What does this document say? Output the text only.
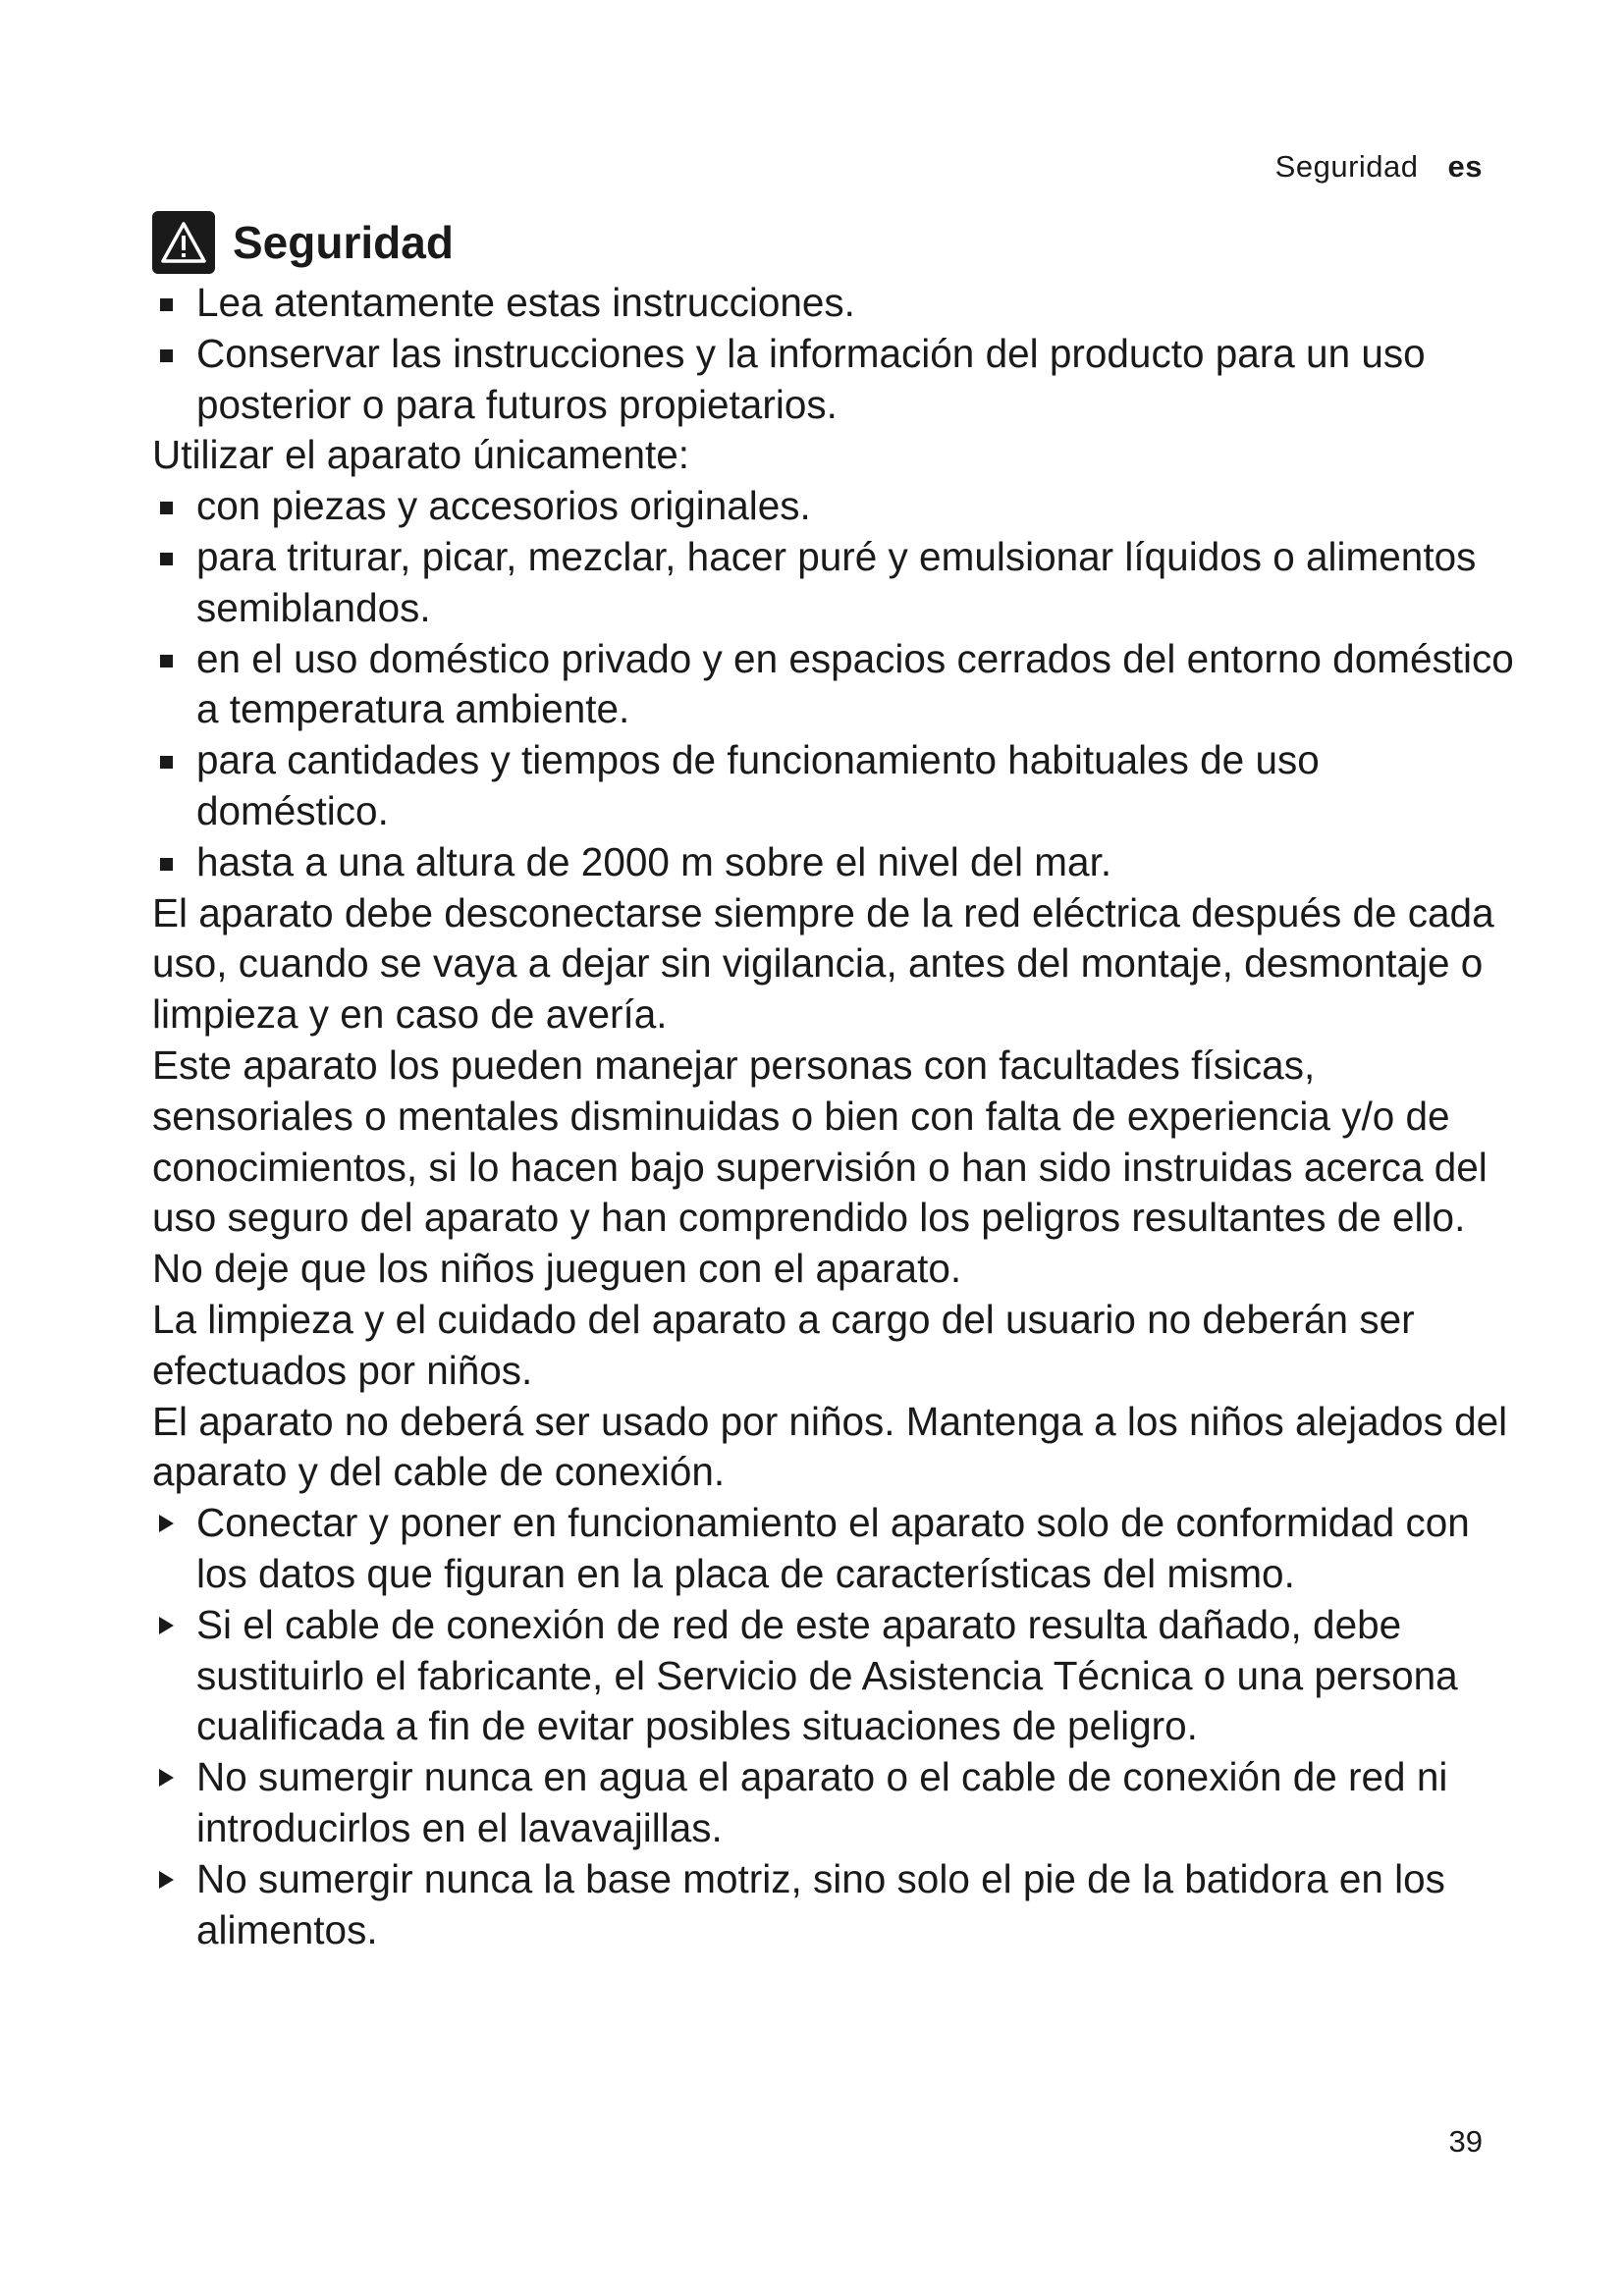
Seguridad es
Seguridad

Lea atentamente estas instrucciones.

Conservar las instrucciones y la información del producto para un uso posterior o para futuros propietarios.

Utilizar el aparato únicamente:

con piezas y accesorios originales.

para triturar, picar, mezclar, hacer puré y emulsionar líquidos o alimentos semiblandos.

en el uso doméstico privado y en espacios cerrados del entorno doméstico a temperatura ambiente.

para cantidades y tiempos de funcionamiento habituales de uso doméstico.

hasta a una altura de 2000 m sobre el nivel del mar.

El aparato debe desconectarse siempre de la red eléctrica después de cada uso, cuando se vaya a dejar sin vigilancia, antes del montaje, desmontaje o limpieza y en caso de avería.

Este aparato los pueden manejar personas con facultades físicas, sensoriales o mentales disminuidas o bien con falta de experiencia y/o de conocimientos, si lo hacen bajo supervisión o han sido instruidas acerca del uso seguro del aparato y han comprendido los peligros resultantes de ello.

No deje que los niños jueguen con el aparato.

La limpieza y el cuidado del aparato a cargo del usuario no deberán ser efectuados por niños.

El aparato no deberá ser usado por niños. Mantenga a los niños alejados del aparato y del cable de conexión.

Conectar y poner en funcionamiento el aparato solo de conformidad con los datos que figuran en la placa de características del mismo.

Si el cable de conexión de red de este aparato resulta dañado, debe sustituirlo el fabricante, el Servicio de Asistencia Técnica o una persona cualificada a fin de evitar posibles situaciones de peligro.

No sumergir nunca en agua el aparato o el cable de conexión de red ni introducirlos en el lavavajillas.

No sumergir nunca la base motriz, sino solo el pie de la batidora en los alimentos.

39
